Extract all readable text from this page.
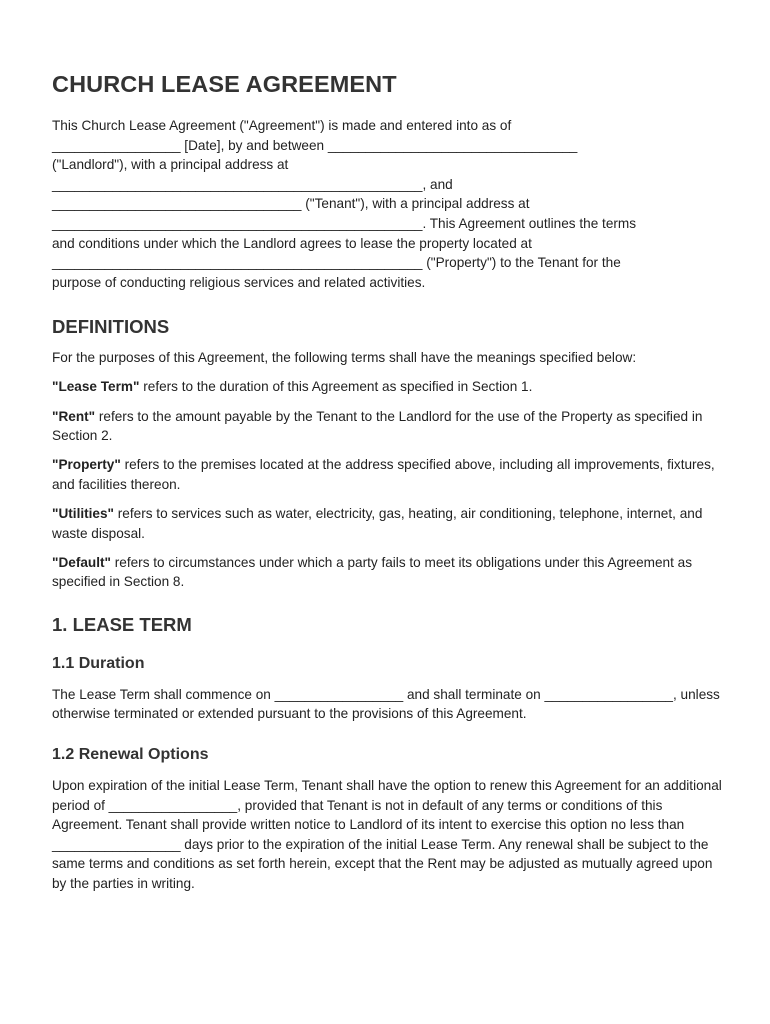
CHURCH LEASE AGREEMENT

This Church Lease Agreement ("Agreement") is made and entered into as of
_________________ [Date], by and between _________________________________
("Landlord"), with a principal address at
_________________________________________________, and
_________________________________ ("Tenant"), with a principal address at
_________________________________________________. This Agreement outlines the terms
and conditions under which the Landlord agrees to lease the property located at
_________________________________________________ ("Property") to the Tenant for the
purpose of conducting religious services and related activities.

DEFINITIONS

For the purposes of this Agreement, the following terms shall have the meanings specified below:

"Lease Term" refers to the duration of this Agreement as specified in Section 1.

"Rent" refers to the amount payable by the Tenant to the Landlord for the use of the Property as specified in Section 2.

"Property" refers to the premises located at the address specified above, including all improvements, fixtures, and facilities thereon.

"Utilities" refers to services such as water, electricity, gas, heating, air conditioning, telephone, internet, and waste disposal.

"Default" refers to circumstances under which a party fails to meet its obligations under this Agreement as specified in Section 8.

1. LEASE TERM
1.1 Duration

The Lease Term shall commence on _________________ and shall terminate on _________________, unless otherwise terminated or extended pursuant to the provisions of this Agreement.

1.2 Renewal Options

Upon expiration of the initial Lease Term, Tenant shall have the option to renew this Agreement for an additional period of _________________, provided that Tenant is not in default of any terms or conditions of this Agreement. Tenant shall provide written notice to Landlord of its intent to exercise this option no less than _________________ days prior to the expiration of the initial Lease Term. Any renewal shall be subject to the same terms and conditions as set forth herein, except that the Rent may be adjusted as mutually agreed upon by the parties in writing.
